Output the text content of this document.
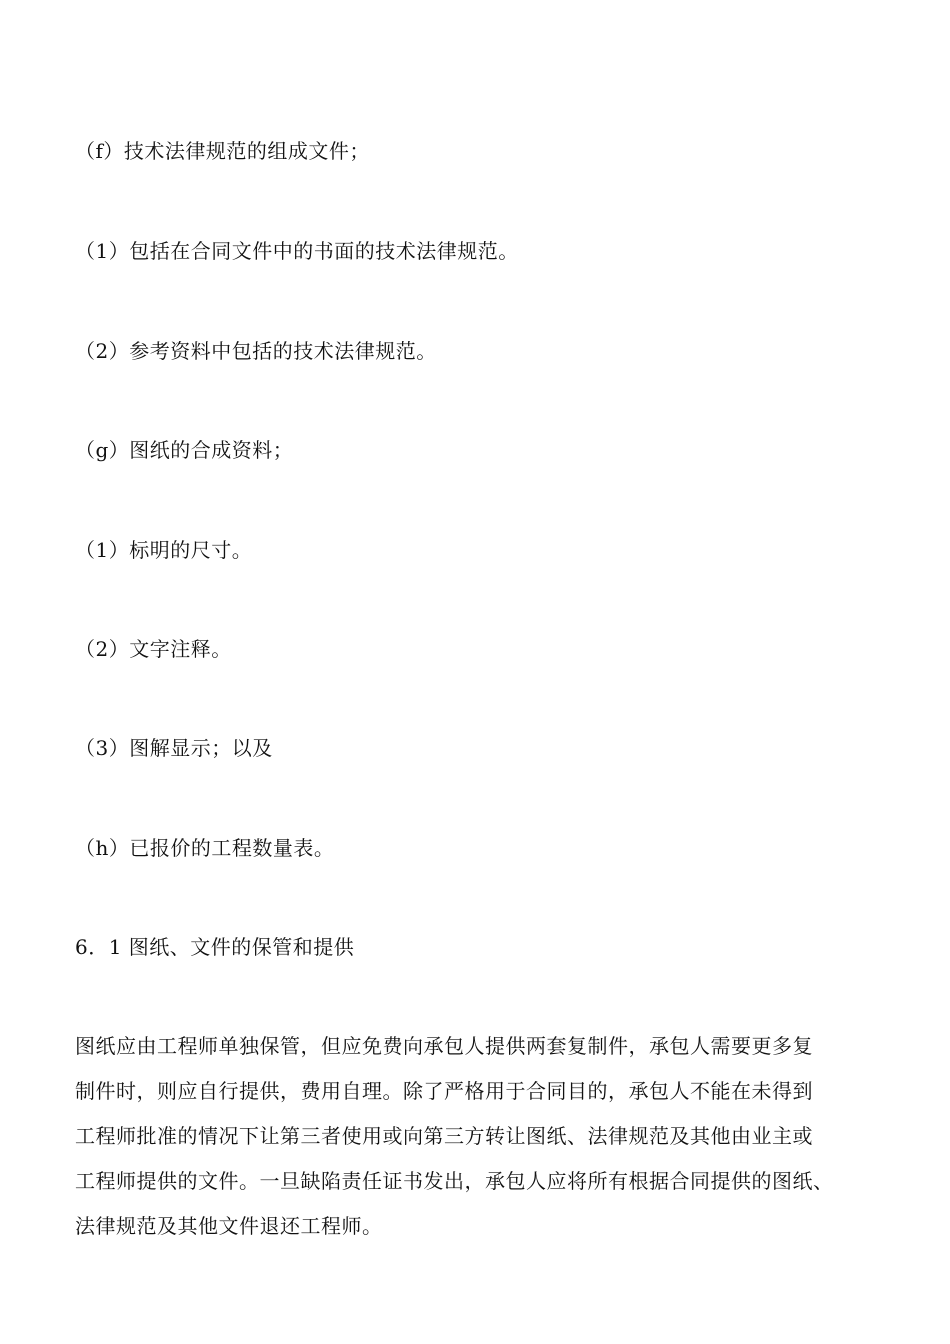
（f）技术法律规范的组成文件；
（1）包括在合同文件中的书面的技术法律规范。
（2）参考资料中包括的技术法律规范。
（g）图纸的合成资料；
（1）标明的尺寸。
（2）文字注释。
（3）图解显示；以及
（h）已报价的工程数量表。
6．1 图纸、文件的保管和提供
图纸应由工程师单独保管，但应免费向承包人提供两套复制件，承包人需要更多复
制件时，则应自行提供，费用自理。除了严格用于合同目的，承包人不能在未得到
工程师批准的情况下让第三者使用或向第三方转让图纸、法律规范及其他由业主或
工程师提供的文件。一旦缺陷责任证书发出，承包人应将所有根据合同提供的图纸、
法律规范及其他文件退还工程师。
